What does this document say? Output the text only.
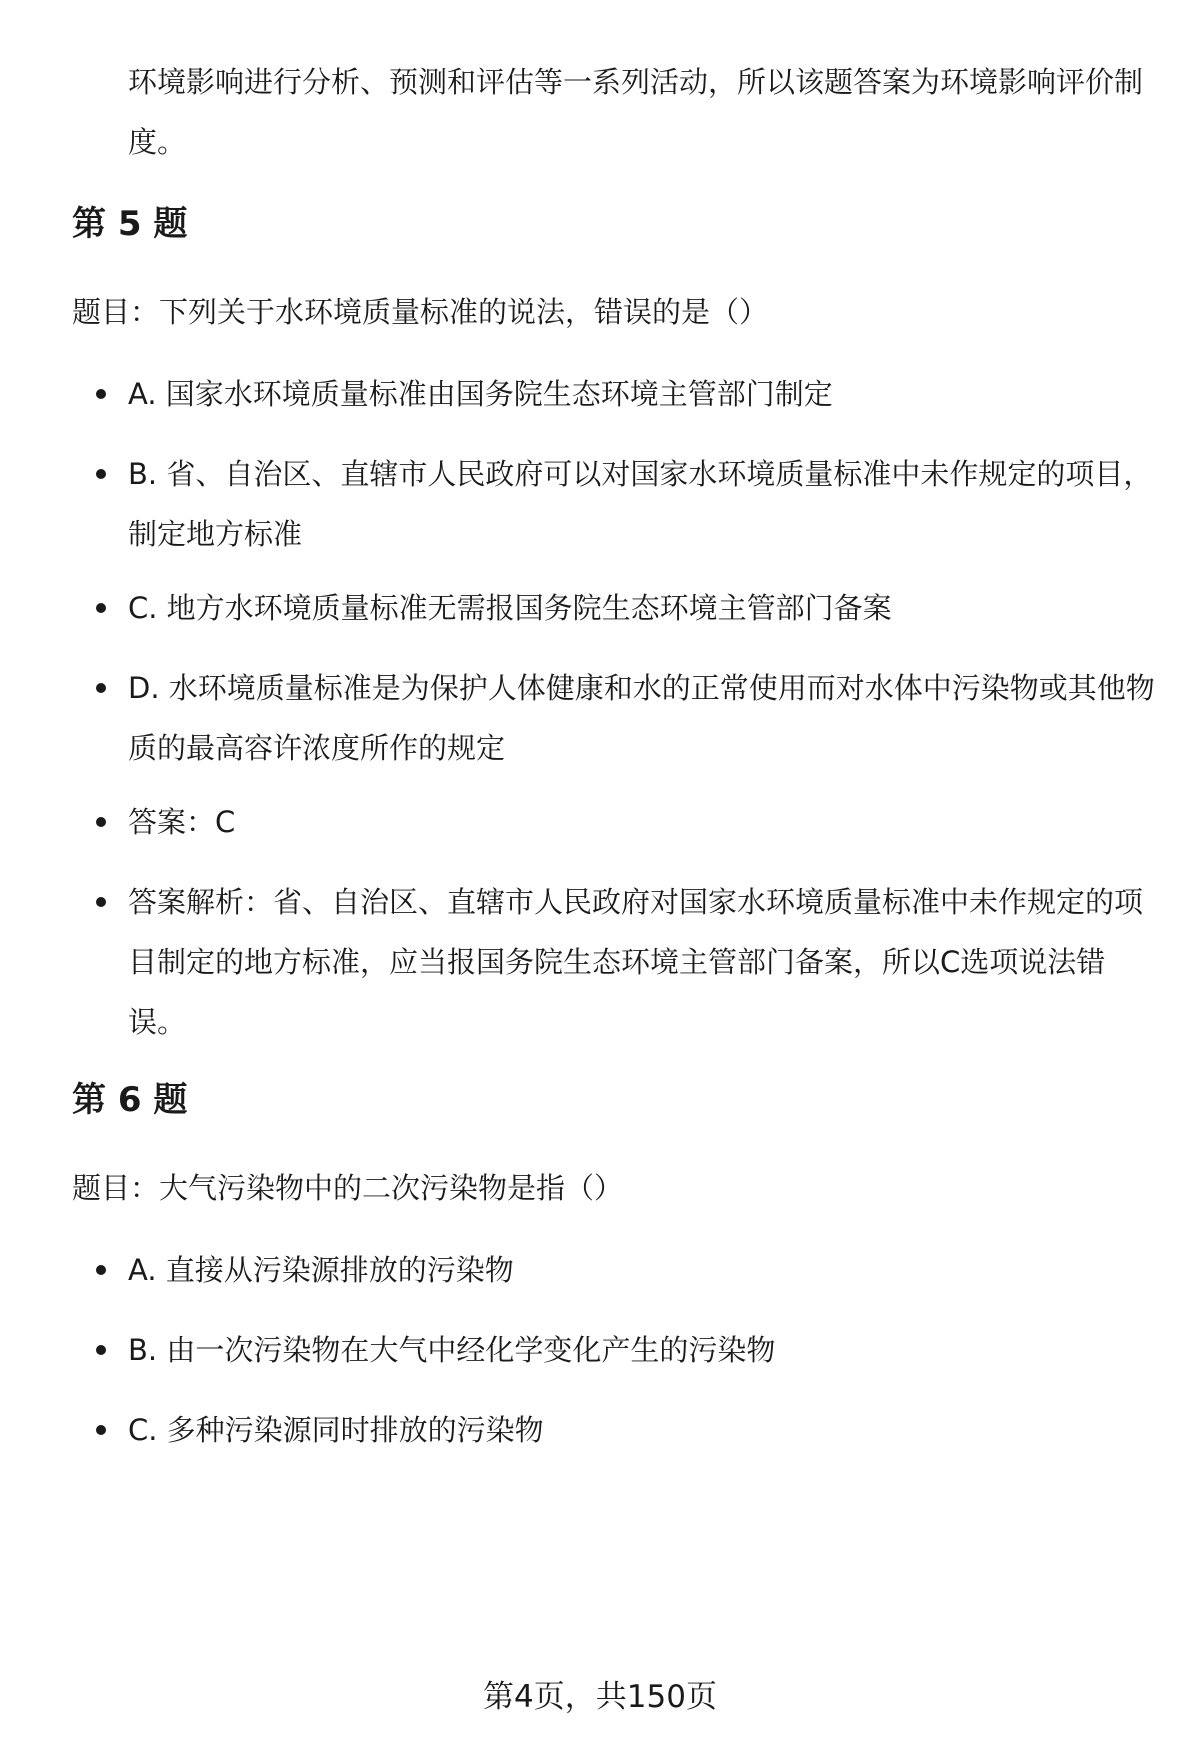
环境影响进行分析、预测和评估等一系列活动，所以该题答案为环境影响评价制度。

第 5 题

题目：下列关于水环境质量标准的说法，错误的是（）

A. 国家水环境质量标准由国务院生态环境主管部门制定
B. 省、自治区、直辖市人民政府可以对国家水环境质量标准中未作规定的项目，制定地方标准
C. 地方水环境质量标准无需报国务院生态环境主管部门备案
D. 水环境质量标准是为保护人体健康和水的正常使用而对水体中污染物或其他物质的最高容许浓度所作的规定
答案：C
答案解析：省、自治区、直辖市人民政府对国家水环境质量标准中未作规定的项目制定的地方标准，应当报国务院生态环境主管部门备案，所以C选项说法错误。
第 6 题

题目：大气污染物中的二次污染物是指（）

A. 直接从污染源排放的污染物
B. 由一次污染物在大气中经化学变化产生的污染物
C. 多种污染源同时排放的污染物
第4页，共150页
